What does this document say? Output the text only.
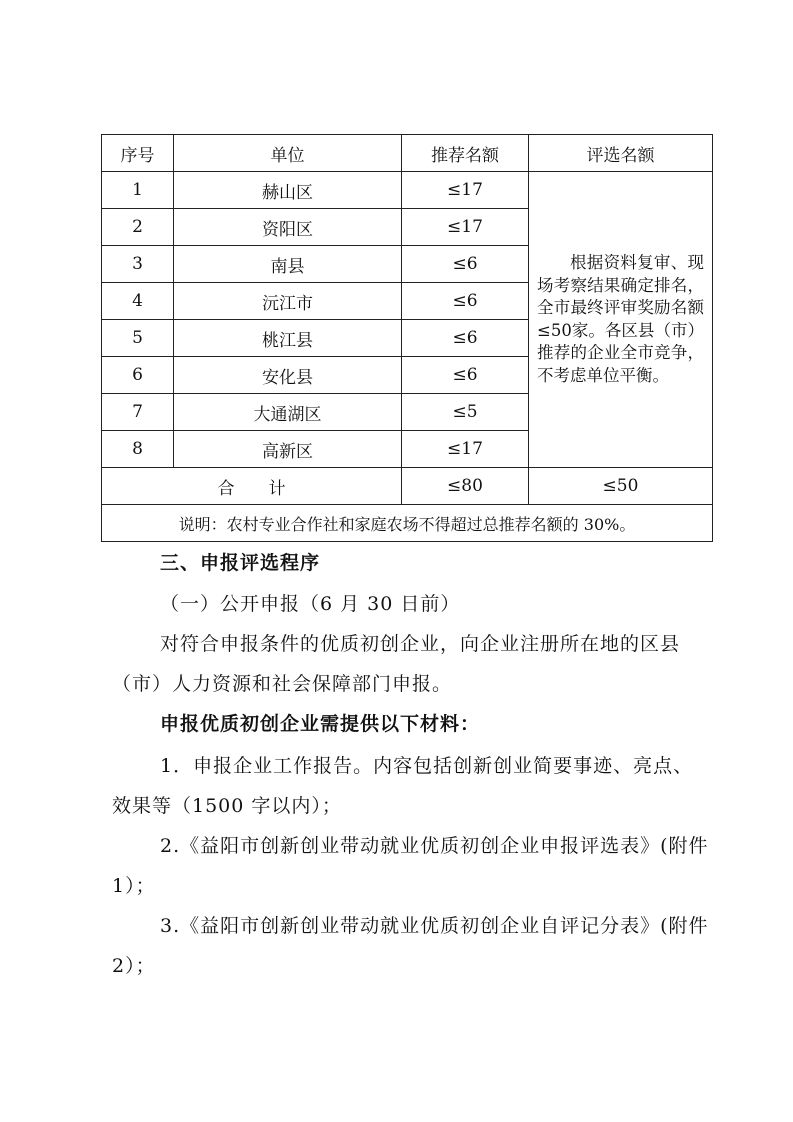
序号	单位	推荐名额	评选名额
1	赫山区	≤17	根据资料复审、现场考察结果确定排名，全市最终评审奖励名额≤50家。各区县（市）推荐的企业全市竞争，不考虑单位平衡。
2	资阳区	≤17	
3	南县	≤6	
4	沅江市	≤6	
5	桃江县	≤6	
6	安化县	≤6	
7	大通湖区	≤5	
8	高新区	≤17	
合　　计		≤80	≤50
说明：农村专业合作社和家庭农场不得超过总推荐名额的 30%。			
三、申报评选程序
（一）公开申报（6 月 30 日前）
对符合申报条件的优质初创企业，向企业注册所在地的区县（市）人力资源和社会保障部门申报。
申报优质初创企业需提供以下材料：
1．申报企业工作报告。内容包括创新创业简要事迹、亮点、效果等（1500 字以内）；
2.《益阳市创新创业带动就业优质初创企业申报评选表》(附件 1）；
3.《益阳市创新创业带动就业优质初创企业自评记分表》(附件 2）；
